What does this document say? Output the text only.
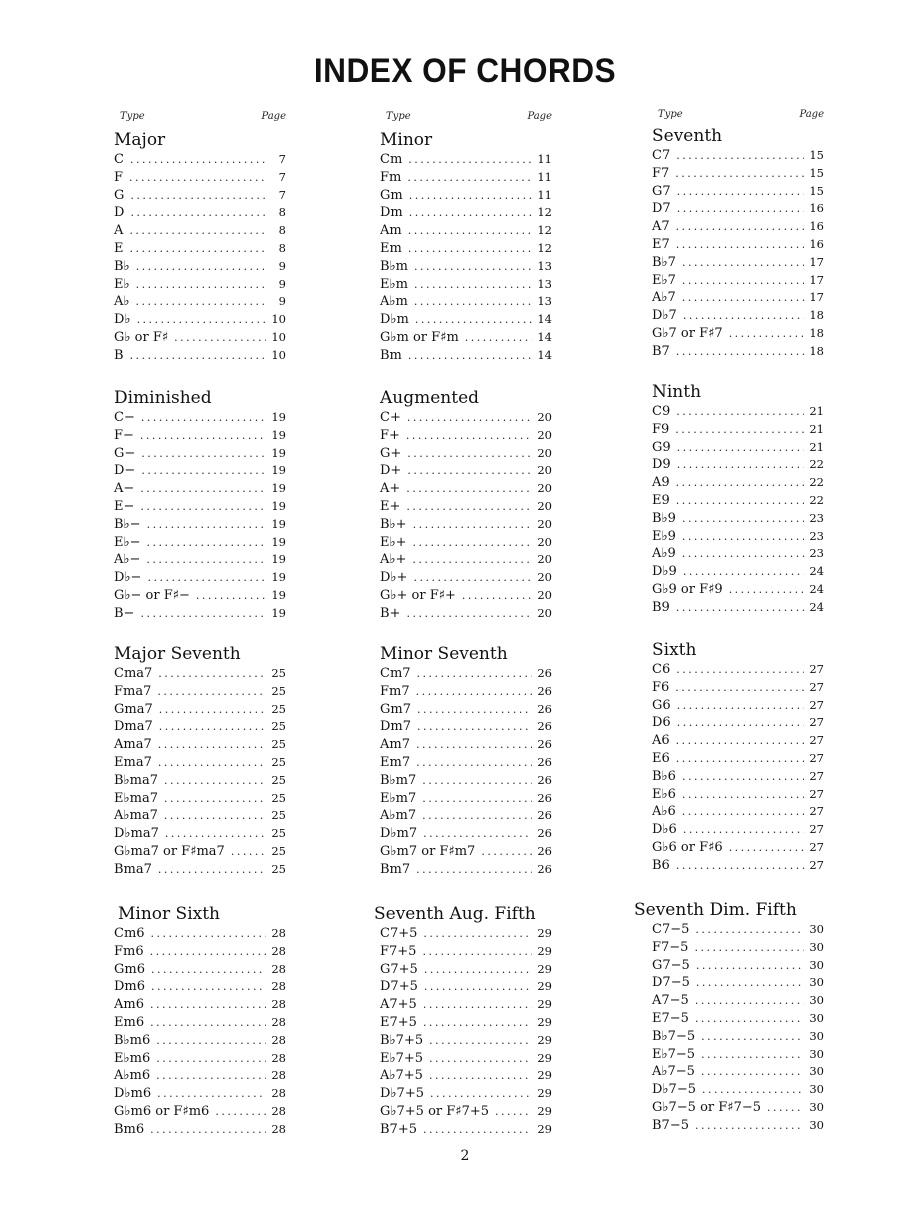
INDEX OF CHORDS
Type	Page
Major
C .....	7
F .....	7
G .....	7
D .....	8
A .....	8
E .....	8
B♭ .....	9
E♭ .....	9
A♭ .....	9
D♭ .....	10
G♭ or F♯ .....	10
B .....	10
Diminished
C− .....	19
F− .....	19
G− .....	19
D− .....	19
A− .....	19
E− .....	19
B♭− .....	19
E♭− .....	19
A♭− .....	19
D♭− .....	19
G♭− or F♯− .....	19
B− .....	19
Major Seventh
Cma7 .....	25
Fma7 .....	25
Gma7 .....	25
Dma7 .....	25
Ama7 .....	25
Ema7 .....	25
B♭ma7 .....	25
E♭ma7 .....	25
A♭ma7 .....	25
D♭ma7 .....	25
G♭ma7 or F♯ma7 .....	25
Bma7 .....	25
Minor Sixth
Cm6 .....	28
Fm6 .....	28
Gm6 .....	28
Dm6 .....	28
Am6 .....	28
Em6 .....	28
B♭m6 .....	28
E♭m6 .....	28
A♭m6 .....	28
D♭m6 .....	28
G♭m6 or F♯m6 .....	28
Bm6 .....	28
Type	Page
Minor
Cm .....	11
Fm .....	11
Gm .....	11
Dm .....	12
Am .....	12
Em .....	12
B♭m .....	13
E♭m .....	13
A♭m .....	13
D♭m .....	14
G♭m or F♯m .....	14
Bm .....	14
Augmented
C+ .....	20
F+ .....	20
G+ .....	20
D+ .....	20
A+ .....	20
E+ .....	20
B♭+ .....	20
E♭+ .....	20
A♭+ .....	20
D♭+ .....	20
G♭+ or F♯+ .....	20
B+ .....	20
Minor Seventh
Cm7 .....	26
Fm7 .....	26
Gm7 .....	26
Dm7 .....	26
Am7 .....	26
Em7 .....	26
B♭m7 .....	26
E♭m7 .....	26
A♭m7 .....	26
D♭m7 .....	26
G♭m7 or F♯m7 .....	26
Bm7 .....	26
Seventh Aug. Fifth
C7+5 .....	29
F7+5 .....	29
G7+5 .....	29
D7+5 .....	29
A7+5 .....	29
E7+5 .....	29
B♭7+5 .....	29
E♭7+5 .....	29
A♭7+5 .....	29
D♭7+5 .....	29
G♭7+5 or F♯7+5 .....	29
B7+5 .....	29
Type	Page
Seventh
C7 .....	15
F7 .....	15
G7 .....	15
D7 .....	16
A7 .....	16
E7 .....	16
B♭7 .....	17
E♭7 .....	17
A♭7 .....	17
D♭7 .....	18
G♭7 or F♯7 .....	18
B7 .....	18
Ninth
C9 .....	21
F9 .....	21
G9 .....	21
D9 .....	22
A9 .....	22
E9 .....	22
B♭9 .....	23
E♭9 .....	23
A♭9 .....	23
D♭9 .....	24
G♭9 or F♯9 .....	24
B9 .....	24
Sixth
C6 .....	27
F6 .....	27
G6 .....	27
D6 .....	27
A6 .....	27
E6 .....	27
B♭6 .....	27
E♭6 .....	27
A♭6 .....	27
D♭6 .....	27
G♭6 or F♯6 .....	27
B6 .....	27
Seventh Dim. Fifth
C7−5 .....	30
F7−5 .....	30
G7−5 .....	30
D7−5 .....	30
A7−5 .....	30
E7−5 .....	30
B♭7−5 .....	30
E♭7−5 .....	30
A♭7−5 .....	30
D♭7−5 .....	30
G♭7−5 or F♯7−5 .....	30
B7−5 .....	30
2
